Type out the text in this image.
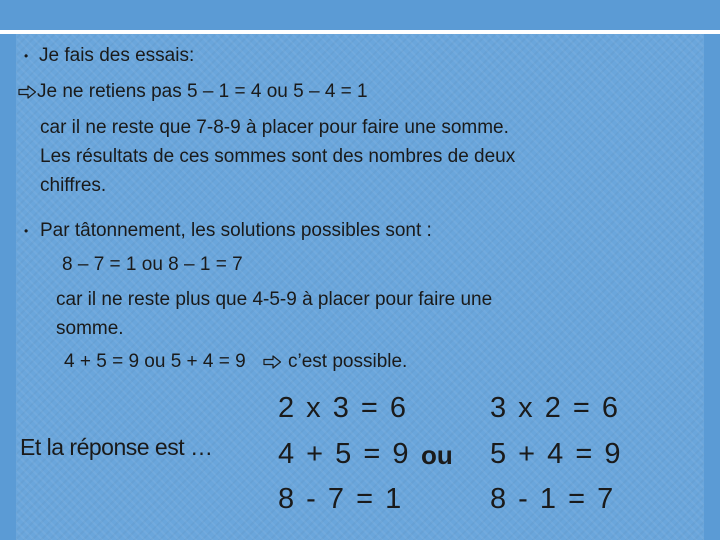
• Je fais des essais:
Je ne retiens pas 5 – 1 = 4 ou 5 – 4 = 1
car il ne reste que 7-8-9 à placer pour faire une somme.
Les résultats de ces sommes sont des nombres de deux
chiffres.
• Par tâtonnement, les solutions possibles sont :
8 – 7 = 1 ou 8 – 1 = 7
car il ne reste plus que 4-5-9 à placer pour faire une
somme.
4 + 5 = 9 ou 5 + 4 = 9 c’est possible.
Et la réponse est …
2 x 3 = 6
4 + 5 = 9
8 - 7 = 1
ou
3 x 2 = 6
5 + 4 = 9
8 - 1 = 7
